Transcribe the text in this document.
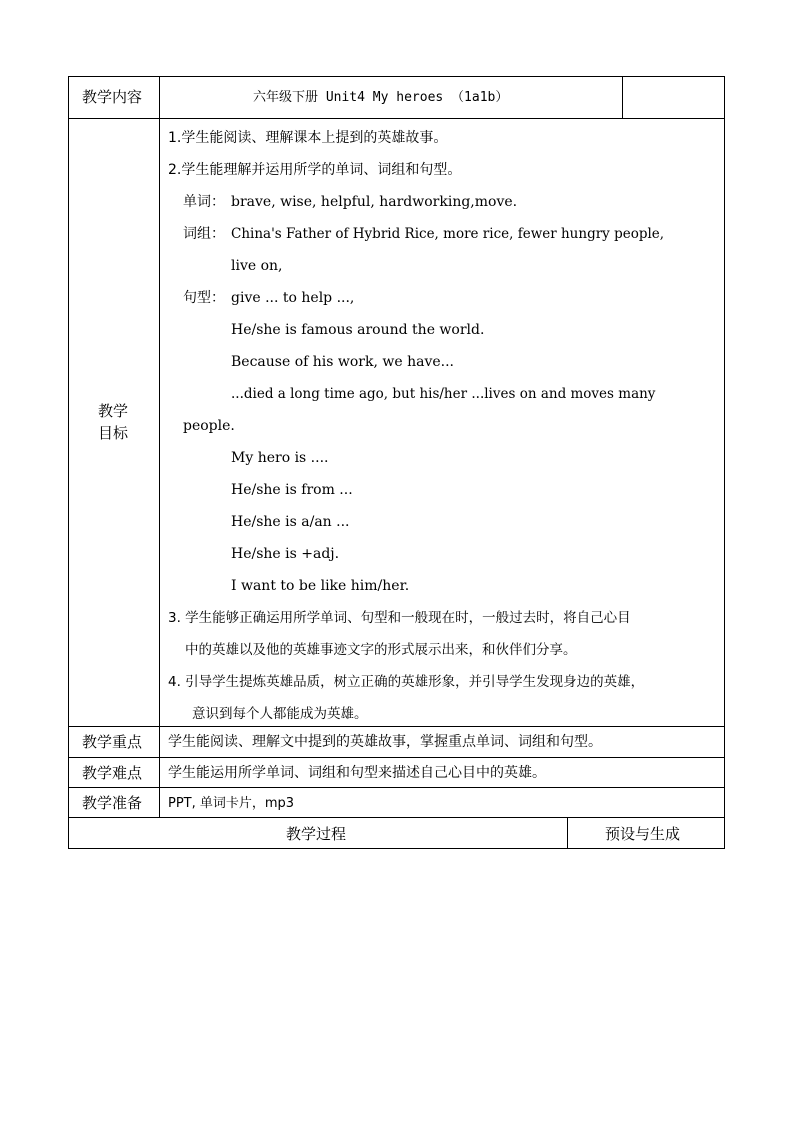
教学内容	六年级下册 Unit4 My heroes （1a1b）
教学
目标
1.学生能阅读、理解课本上提到的英雄故事。
2.学生能理解并运用所学的单词、词组和句型。
单词： brave, wise, helpful, hardworking,move.
词组： China's Father of Hybrid Rice, more rice, fewer hungry people,
live on,
句型： give ... to help ...,
He/she is famous around the world.
Because of his work, we have...
...died a long time ago, but his/her ...lives on and moves many
people.
My hero is ....
He/she is from ...
He/she is a/an ...
He/she is +adj.
I want to be like him/her.
3. 学生能够正确运用所学单词、句型和一般现在时，一般过去时，将自己心目
中的英雄以及他的英雄事迹文字的形式展示出来，和伙伴们分享。
4. 引导学生提炼英雄品质，树立正确的英雄形象，并引导学生发现身边的英雄，
意识到每个人都能成为英雄。
教学重点 学生能阅读、理解文中提到的英雄故事，掌握重点单词、词组和句型。
教学难点 学生能运用所学单词、词组和句型来描述自己心目中的英雄。
教学准备 PPT, 单词卡片，mp3
教学过程	预设与生成
